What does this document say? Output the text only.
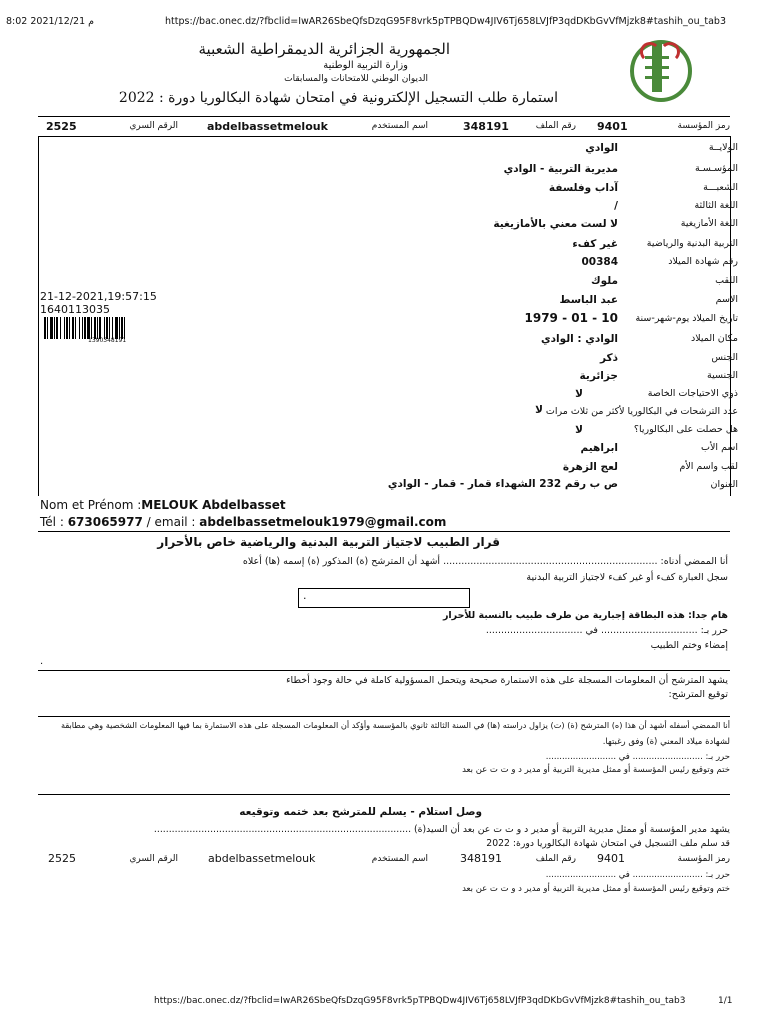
8:02 2021/12/21 م	https://bac.onec.dz/?fbclid=IwAR26SbeQfsDzqG95F8vrk5pTPBQDw4JIV6Tj658LVJfP3qdDKbGvVfMjzk8#tashih_ou_tab3
الجمهورية الجزائرية الديمقراطية الشعبية
وزارة التربية الوطنية
الديوان الوطني للامتحانات والمسابقات
استمارة طلب التسجيل الإلكترونية في امتحان شهادة البكالوريا دورة : 2022
رمز المؤسسة
9401
رقم الملف
348191
اسم المستخدم
abdelbassetmelouk
الرقم السري
2525
الولايــة
الوادي
المؤسـسـة
مديرية التربية - الوادي
الشعبـــة
آداب وفلسفة
اللغة الثالثة
/
اللغة الأمازيغية
لا لست معني بالأمازيغية
التربية البدنية والرياضية
غير كفء
رقم شهادة الميلاد
00384
اللقب
ملوك
الاسم
عبد الباسط
تاريخ الميلاد يوم-شهر-سنة
10 - 01 - 1979
مكان الميلاد
الوادي : الوادي
الجنس
ذكر
الجنسية
جزائرية
ذوي الاحتياجات الخاصة
لا
عدد الترشحات في البكالوريا لأكثر من ثلاث مرات
لا
هل حصلت على البكالوريا؟
لا
اسم الأب
ابراهيم
لقب واسم الأم
لعج الزهرة
العنوان
ص ب رقم 232 الشهداء قمار - قمار - الوادي
21-12-2021,19:57:15
1640113035
1390348191
Nom et Prénom :MELOUK Abdelbasset
Tél : 673065977 / email : abdelbassetmelouk1979@gmail.com
قرار الطبيب لاجتياز التربية البدنية والرياضية خاص بالأحرار
أنا الممضي أدناه: ....................................................................... أشهد أن المترشح (ة) المذكور (ة) إسمه (ها) أعلاه
سجل العبارة كفء أو غير كفء لاجتياز التربية البدنية
.
هام جدا: هذه البطاقة إجبارية من طرف طبيب بالنسبة للأحرار
حرر بـ: ................................ في ................................
إمضاء وختم الطبيب
.
يشهد المترشح أن المعلومات المسجلة على هذه الاستمارة صحيحة ويتحمل المسؤولية كاملة في حالة وجود أخطاء
توقيع المترشح:
أنا الممضي أسفله أشهد أن هذا (ه) المترشح (ة) (ت) يزاول دراسته (ها) في السنة الثالثة ثانوي بالمؤسسة وأؤكد أن المعلومات المسجلة على هذه الاستمارة بما فيها المعلومات الشخصية وهي مطابقة
لشهادة ميلاد المعني (ة) وفق رغبتها.
حرر بـ: .......................... في ..........................
ختم وتوقيع رئيس المؤسسة أو ممثل مديرية التربية أو مدير د و ت ت عن بعد
وصل استلام - يسلم للمترشح بعد ختمه وتوقيعه
يشهد مدير المؤسسة أو ممثل مديرية التربية أو مدير د و ت ت عن بعد أن السيد(ة) .......................................................................................
قد سلم ملف التسجيل في امتحان شهادة البكالوريا دورة: 2022
رمز المؤسسة
9401
رقم الملف
348191
اسم المستخدم
abdelbassetmelouk
الرقم السري
2525
حرر بـ: .......................... في ..........................
ختم وتوقيع رئيس المؤسسة أو ممثل مديرية التربية أو مدير د و ت ت عن بعد
https://bac.onec.dz/?fbclid=IwAR26SbeQfsDzqG95F8vrk5pTPBQDw4JIV6Tj658LVJfP3qdDKbGvVfMjzk8#tashih_ou_tab3	1/1
